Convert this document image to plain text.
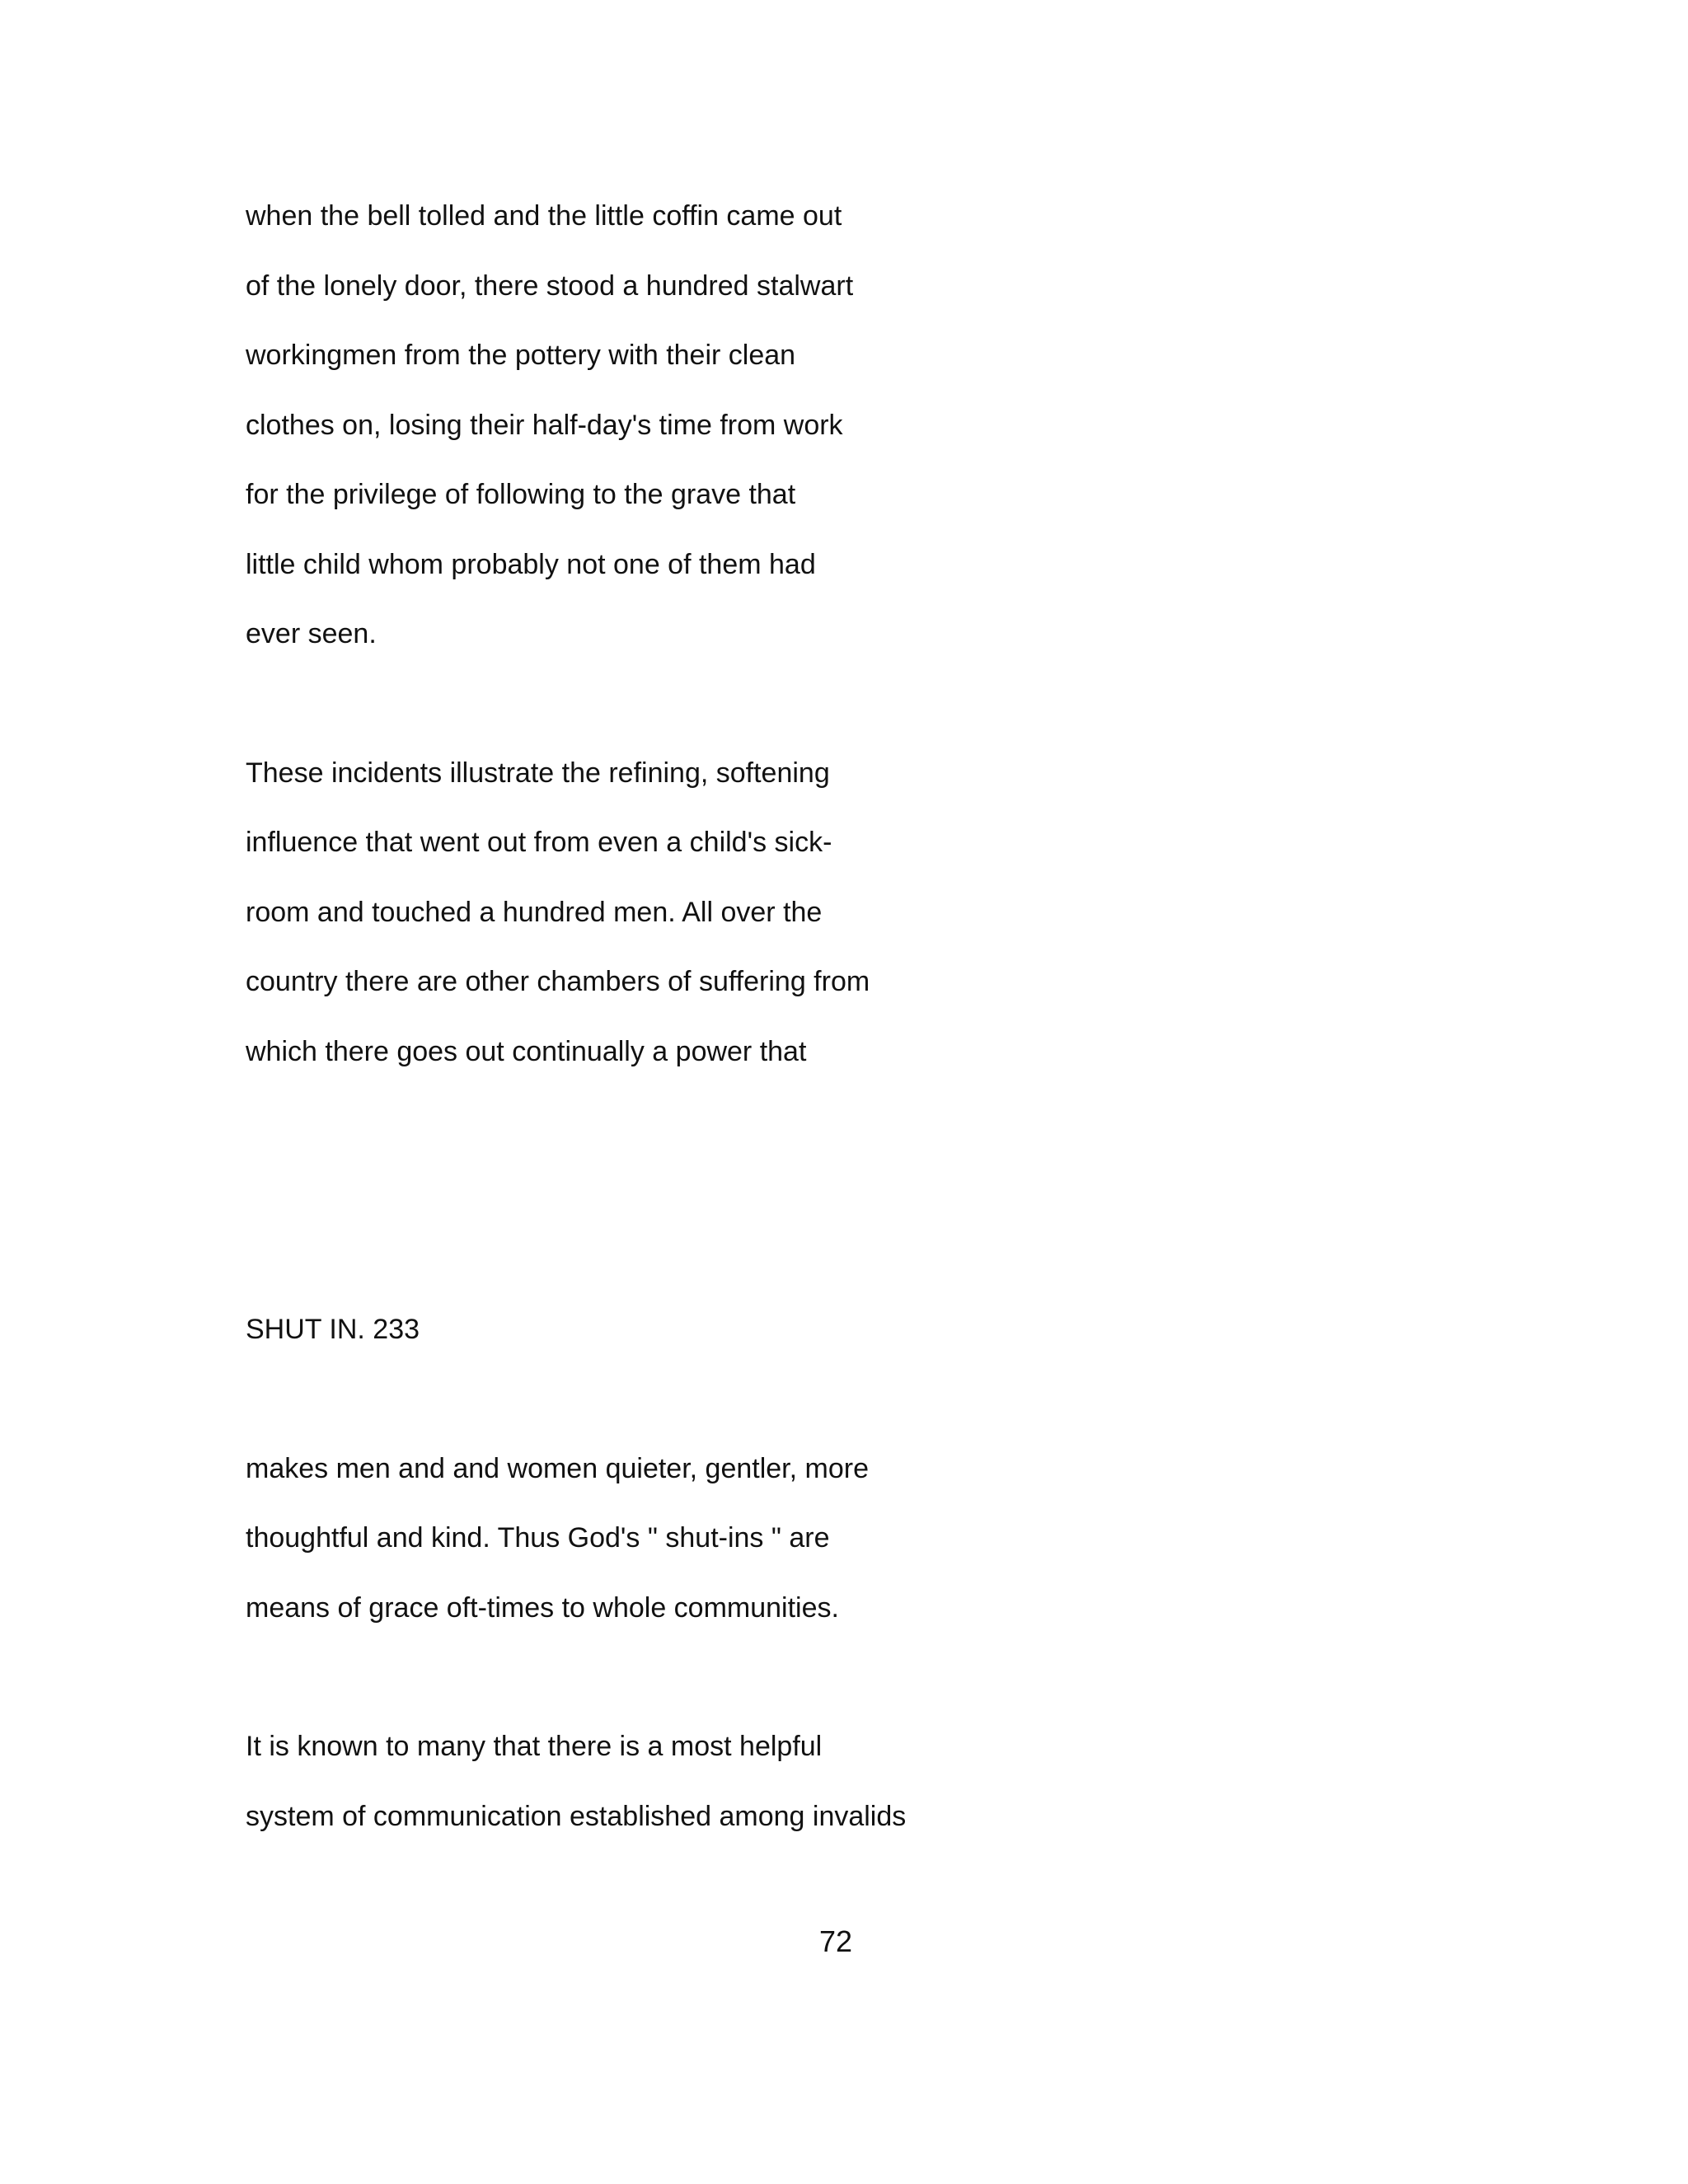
when the bell tolled and the little coffin came out
of the lonely door, there stood a hundred stalwart
workingmen from the pottery with their clean
clothes on, losing their half-day's time from work
for the privilege of following to the grave that
little child whom probably not one of them had
ever seen.
These incidents illustrate the refining, softening
influence that went out from even a child's sick-
room and touched a hundred men. All over the
country there are other chambers of suffering from
which there goes out continually a power that
SHUT IN. 233
makes men and and women quieter, gentler, more
thoughtful and kind. Thus God's " shut-ins " are
means of grace oft-times to whole communities.
It is known to many that there is a most helpful
system of communication established among invalids
72
